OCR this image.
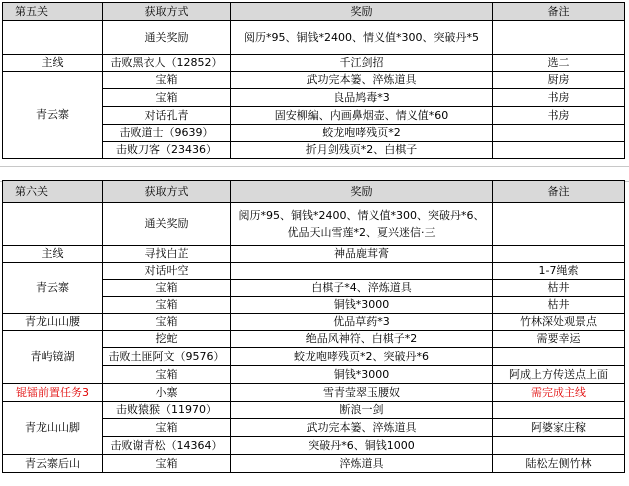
第五关	获取方式	奖励	备注
	通关奖励	阅历*95、铜钱*2400、情义值*300、突破丹*5	
主线	击败黑衣人（12852）	千江剑招	选二
青云寨	宝箱	武功完本篓、淬炼道具	厨房
	宝箱	良品鸠毒*3	书房
	对话孔青	固安柳編、内画鼻烟壶、情义值*60	书房
	击败道士（9639）	蛟龙咆哮残页*2	
	击败刀客（23436）	折月剑残页*2、白棋子	
第六关	获取方式	奖励	备注
	通关奖励	阅历*95、铜钱*2400、情义值*300、突破丹*6、
优品天山雪莲*2、夏兴迷信·三	

主线	寻找白芷	神品鹿茸膏	
青云寨	对话叶空		1-7绳索
	宝箱	白棋子*4、淬炼道具	枯井
	宝箱	铜钱*3000	枯井
青龙山山腰	宝箱	优品草药*3	竹林深处观景点
青屿镜湖	挖蛇	绝品风神符、白棋子*2	需要幸运
	击败土匪阿文（9576）	蛟龙咆哮残页*2、突破丹*6	
	宝箱	铜钱*3000	阿成上方传送点上面
锟镭前置任务3	小寨	雪青莹翠玉腰奴	需完成主线
青龙山山脚	击败猿猴（11970）	断浪一剑	
	宝箱	武功完本篓、淬炼道具	阿婆家庄稼
	击败谢青松（14364）	突破丹*6、铜钱1000	
青云寨后山	宝箱	淬炼道具	陆松左侧竹林
